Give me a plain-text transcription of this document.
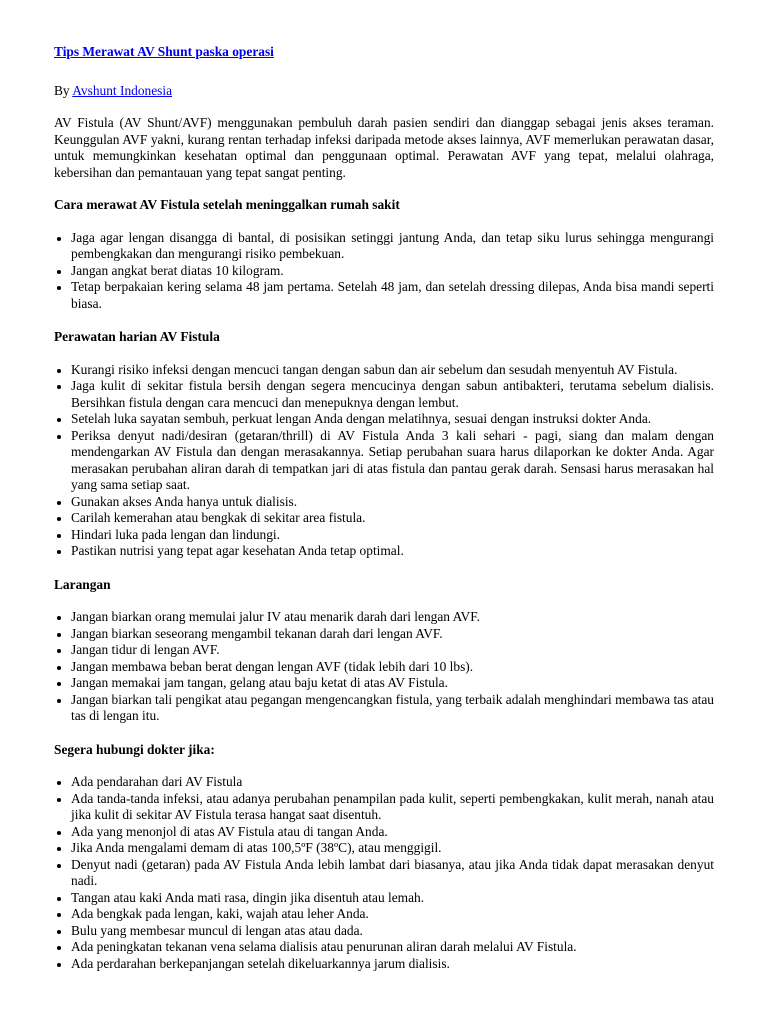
Tips Merawat AV Shunt paska operasi
By Avshunt Indonesia

AV Fistula (AV Shunt/AVF) menggunakan pembuluh darah pasien sendiri dan dianggap sebagai jenis akses teraman. Keunggulan AVF yakni, kurang rentan terhadap infeksi daripada metode akses lainnya, AVF memerlukan perawatan dasar, untuk memungkinkan kesehatan optimal dan penggunaan optimal. Perawatan AVF yang tepat, melalui olahraga, kebersihan dan pemantauan yang tepat sangat penting.

Cara merawat AV Fistula setelah meninggalkan rumah sakit
• Jaga agar lengan disangga di bantal, di posisikan setinggi jantung Anda, dan tetap siku lurus sehingga mengurangi pembengkakan dan mengurangi risiko pembekuan.
• Jangan angkat berat diatas 10 kilogram.
• Tetap berpakaian kering selama 48 jam pertama. Setelah 48 jam, dan setelah dressing dilepas, Anda bisa mandi seperti biasa.
Perawatan harian AV Fistula
• Kurangi risiko infeksi dengan mencuci tangan dengan sabun dan air sebelum dan sesudah menyentuh AV Fistula.
• Jaga kulit di sekitar fistula bersih dengan segera mencucinya dengan sabun antibakteri, terutama sebelum dialisis. Bersihkan fistula dengan cara mencuci dan menepuknya dengan lembut.
• Setelah luka sayatan sembuh, perkuat lengan Anda dengan melatihnya, sesuai dengan instruksi dokter Anda.
• Periksa denyut nadi/desiran (getaran/thrill) di AV Fistula Anda 3 kali sehari - pagi, siang dan malam dengan mendengarkan AV Fistula dan dengan merasakannya. Setiap perubahan suara harus dilaporkan ke dokter Anda. Agar merasakan perubahan aliran darah di tempatkan jari di atas fistula dan pantau gerak darah. Sensasi harus merasakan hal yang sama setiap saat.
• Gunakan akses Anda hanya untuk dialisis.
• Carilah kemerahan atau bengkak di sekitar area fistula.
• Hindari luka pada lengan dan lindungi.
• Pastikan nutrisi yang tepat agar kesehatan Anda tetap optimal.
Larangan
• Jangan biarkan orang memulai jalur IV atau menarik darah dari lengan AVF.
• Jangan biarkan seseorang mengambil tekanan darah dari lengan AVF.
• Jangan tidur di lengan AVF.
• Jangan membawa beban berat dengan lengan AVF (tidak lebih dari 10 lbs).
• Jangan memakai jam tangan, gelang atau baju ketat di atas AV Fistula.
• Jangan biarkan tali pengikat atau pegangan mengencangkan fistula, yang terbaik adalah menghindari membawa tas atau tas di lengan itu.
Segera hubungi dokter jika:
• Ada pendarahan dari AV Fistula
• Ada tanda-tanda infeksi, atau adanya perubahan penampilan pada kulit, seperti pembengkakan, kulit merah, nanah atau jika kulit di sekitar AV Fistula terasa hangat saat disentuh.
• Ada yang menonjol di atas AV Fistula atau di tangan Anda.
• Jika Anda mengalami demam di atas 100,5ºF (38ºC), atau menggigil.
• Denyut nadi (getaran) pada AV Fistula Anda lebih lambat dari biasanya, atau jika Anda tidak dapat merasakan denyut nadi.
• Tangan atau kaki Anda mati rasa, dingin jika disentuh atau lemah.
• Ada bengkak pada lengan, kaki, wajah atau leher Anda.
• Bulu yang membesar muncul di lengan atas atau dada.
• Ada peningkatan tekanan vena selama dialisis atau penurunan aliran darah melalui AV Fistula.
• Ada perdarahan berkepanjangan setelah dikeluarkannya jarum dialisis.
